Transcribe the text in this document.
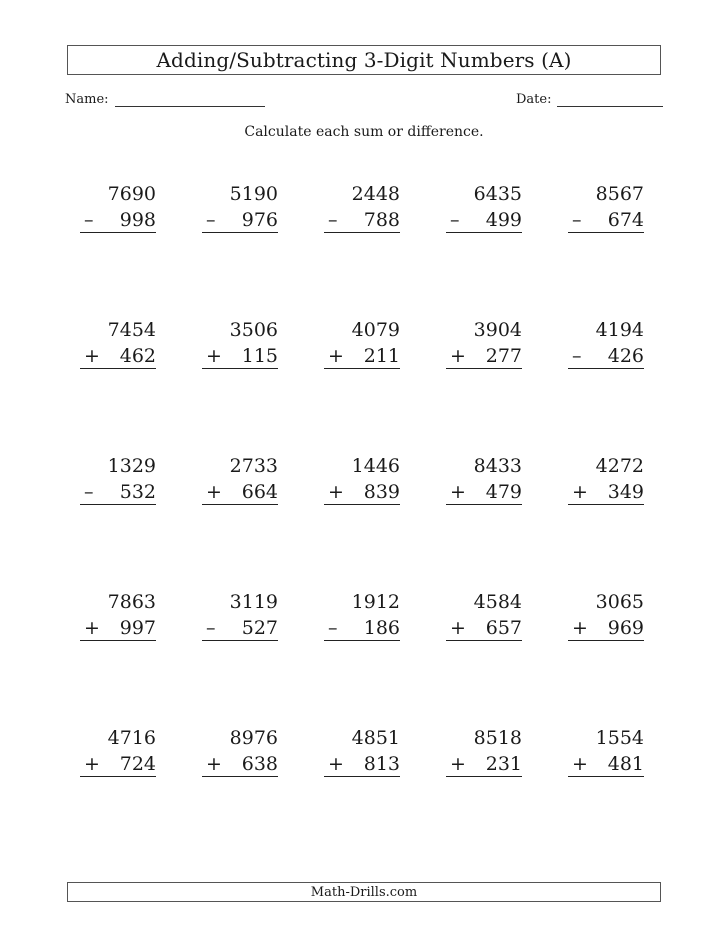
Adding/Subtracting 3-Digit Numbers (A)
Name:	Date:
Calculate each sum or difference.
7690
–	998
5190
–	976
2448
–	788
6435
–	499
8567
–	674
7454
+ 462
3506
+ 115
4079
+ 211
3904
+ 277
4194
–	426
1329
–	532
2733
+ 664
1446
+ 839
8433
+ 479
4272
+ 349
7863
+ 997
3119
–	527
1912
–	186
4584
+ 657
3065
+ 969
4716
+ 724
8976
+ 638
4851
+ 813
8518
+ 231
1554
+ 481
Math-Drills.com
